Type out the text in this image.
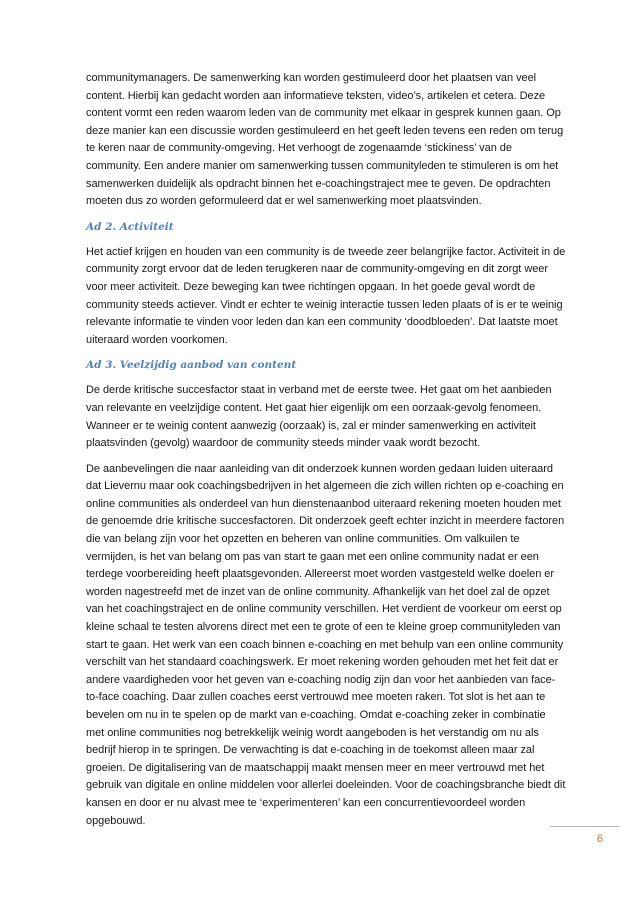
communitymanagers. De samenwerking kan worden gestimuleerd door het plaatsen van veel content. Hierbij kan gedacht worden aan informatieve teksten, video’s, artikelen et cetera. Deze content vormt een reden waarom leden van de community met elkaar in gesprek kunnen gaan. Op deze manier kan een discussie worden gestimuleerd en het geeft leden tevens een reden om terug te keren naar de community-omgeving. Het verhoogt de zogenaamde ‘stickiness’ van de community. Een andere manier om samenwerking tussen communityleden te stimuleren is om het samenwerken duidelijk als opdracht binnen het e-coachingstraject mee te geven. De opdrachten moeten dus zo worden geformuleerd dat er wel samenwerking moet plaatsvinden.

Ad 2. Activiteit

Het actief krijgen en houden van een community is de tweede zeer belangrijke factor. Activiteit in de community zorgt ervoor dat de leden terugkeren naar de community-omgeving en dit zorgt weer voor meer activiteit. Deze beweging kan twee richtingen opgaan. In het goede geval wordt de community steeds actiever. Vindt er echter te weinig interactie tussen leden plaats of is er te weinig relevante informatie te vinden voor leden dan kan een community ‘doodbloeden’. Dat laatste moet uiteraard worden voorkomen.

Ad 3. Veelzijdig aanbod van content

De derde kritische succesfactor staat in verband met de eerste twee. Het gaat om het aanbieden van relevante en veelzijdige content. Het gaat hier eigenlijk om een oorzaak-gevolg fenomeen. Wanneer er te weinig content aanwezig (oorzaak) is, zal er minder samenwerking en activiteit plaatsvinden (gevolg) waardoor de community steeds minder vaak wordt bezocht.

De aanbevelingen die naar aanleiding van dit onderzoek kunnen worden gedaan luiden uiteraard dat Lievernu maar ook coachingsbedrijven in het algemeen die zich willen richten op e-coaching en online communities als onderdeel van hun dienstenaanbod uiteraard rekening moeten houden met de genoemde drie kritische succesfactoren. Dit onderzoek geeft echter inzicht in meerdere factoren die van belang zijn voor het opzetten en beheren van online communities. Om valkuilen te vermijden, is het van belang om pas van start te gaan met een online community nadat er een terdege voorbereiding heeft plaatsgevonden. Allereerst moet worden vastgesteld welke doelen er worden nagestreefd met de inzet van de online community. Afhankelijk van het doel zal de opzet van het coachingstraject en de online community verschillen. Het verdient de voorkeur om eerst op kleine schaal te testen alvorens direct met een te grote of een te kleine groep communityleden van start te gaan. Het werk van een coach binnen e-coaching en met behulp van een online community verschilt van het standaard coachingswerk. Er moet rekening worden gehouden met het feit dat er andere vaardigheden voor het geven van e-coaching nodig zijn dan voor het aanbieden van face-to-face coaching. Daar zullen coaches eerst vertrouwd mee moeten raken. Tot slot is het aan te bevelen om nu in te spelen op de markt van e-coaching. Omdat e-coaching zeker in combinatie met online communities nog betrekkelijk weinig wordt aangeboden is het verstandig om nu als bedrijf hierop in te springen. De verwachting is dat e-coaching in de toekomst alleen maar zal groeien. De digitalisering van de maatschappij maakt mensen meer en meer vertrouwd met het gebruik van digitale en online middelen voor allerlei doeleinden. Voor de coachingsbranche biedt dit kansen en door er nu alvast mee te ‘experimenteren’ kan een concurrentievoordeel worden opgebouwd.

6
